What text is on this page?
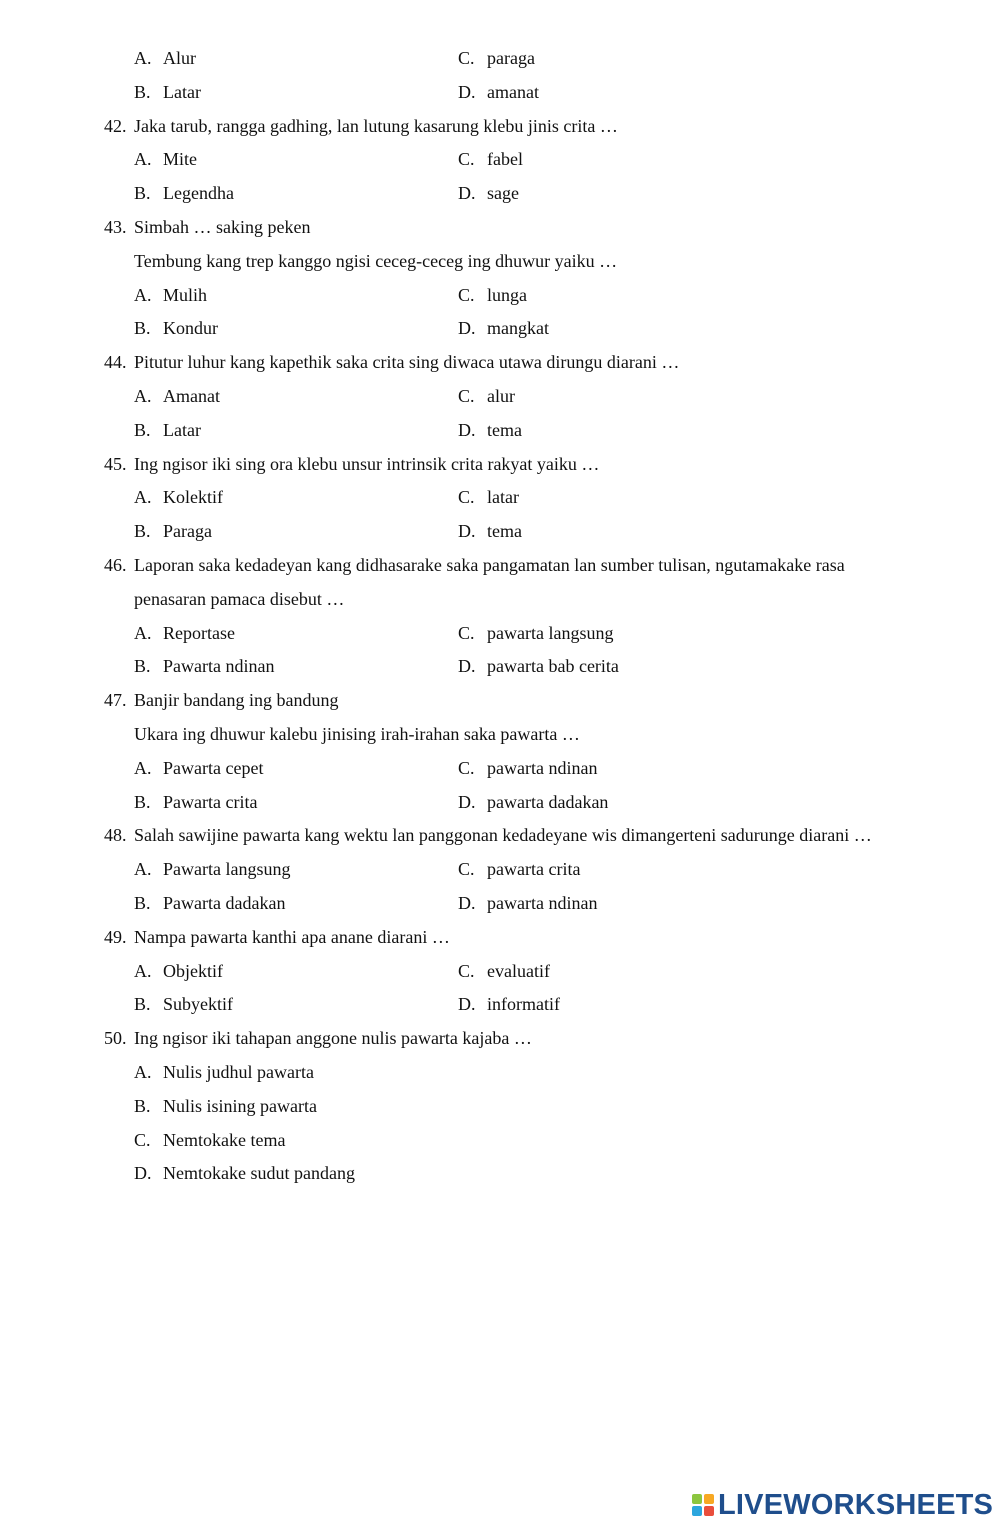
A. Alur	C. paraga
B. Latar	D. amanat
42. Jaka tarub, rangga gadhing, lan lutung kasarung klebu jinis crita …
A. Mite	C. fabel
B. Legendha	D. sage
43. Simbah … saking peken
Tembung kang trep kanggo ngisi ceceg-ceceg ing dhuwur yaiku …
A. Mulih	C. lunga
B. Kondur	D. mangkat
44. Pitutur luhur kang kapethik saka crita sing diwaca utawa dirungu diarani …
A. Amanat	C. alur
B. Latar	D. tema
45. Ing ngisor iki sing ora klebu unsur intrinsik crita rakyat yaiku …
A. Kolektif	C. latar
B. Paraga	D. tema
46. Laporan saka kedadeyan kang didhasarake saka pangamatan lan sumber tulisan, ngutamakake rasa
penasaran pamaca disebut …
A. Reportase	C. pawarta langsung
B. Pawarta ndinan	D. pawarta bab cerita
47. Banjir bandang ing bandung
Ukara ing dhuwur kalebu jinising irah-irahan saka pawarta …
A. Pawarta cepet	C. pawarta ndinan
B. Pawarta crita	D. pawarta dadakan
48. Salah sawijine pawarta kang wektu lan panggonan kedadeyane wis dimangerteni sadurunge diarani …
A. Pawarta langsung	C. pawarta crita
B. Pawarta dadakan	D. pawarta ndinan
49. Nampa pawarta kanthi apa anane diarani …
A. Objektif	C. evaluatif
B. Subyektif	D. informatif
50. Ing ngisor iki tahapan anggone nulis pawarta kajaba …
A. Nulis judhul pawarta
B. Nulis isining pawarta
C. Nemtokake tema
D. Nemtokake sudut pandang
LIVEWORKSHEETS
